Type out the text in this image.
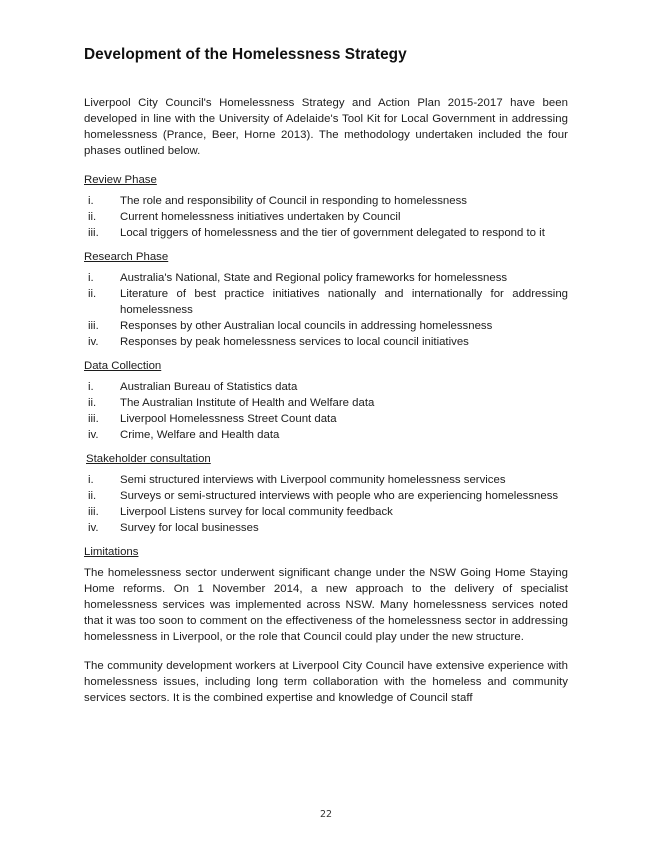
Development of the Homelessness Strategy

Liverpool City Council's Homelessness Strategy and Action Plan 2015-2017 have been developed in line with the University of Adelaide's Tool Kit for Local Government in addressing homelessness (Prance, Beer, Horne 2013). The methodology undertaken included the four phases outlined below.

Review Phase
i.	The role and responsibility of Council in responding to homelessness
ii.	Current homelessness initiatives undertaken by Council
iii.	Local triggers of homelessness and the tier of government delegated to respond to it
Research Phase
i.	Australia's National, State and Regional policy frameworks for homelessness
ii.	Literature of best practice initiatives nationally and internationally for addressing homelessness
iii.	Responses by other Australian local councils in addressing homelessness
iv.	Responses by peak homelessness services to local council initiatives
Data Collection
i.	Australian Bureau of Statistics data
ii.	The Australian Institute of Health and Welfare data
iii.	Liverpool Homelessness Street Count data
iv.	Crime, Welfare and Health data
Stakeholder consultation
i.	Semi structured interviews with Liverpool community homelessness services
ii.	Surveys or semi-structured interviews with people who are experiencing homelessness
iii.	Liverpool Listens survey for local community feedback
iv.	Survey for local businesses
Limitations

The homelessness sector underwent significant change under the NSW Going Home Staying Home reforms. On 1 November 2014, a new approach to the delivery of specialist homelessness services was implemented across NSW. Many homelessness services noted that it was too soon to comment on the effectiveness of the homelessness sector in addressing homelessness in Liverpool, or the role that Council could play under the new structure.

The community development workers at Liverpool City Council have extensive experience with homelessness issues, including long term collaboration with the homeless and community services sectors. It is the combined expertise and knowledge of Council staff

22
